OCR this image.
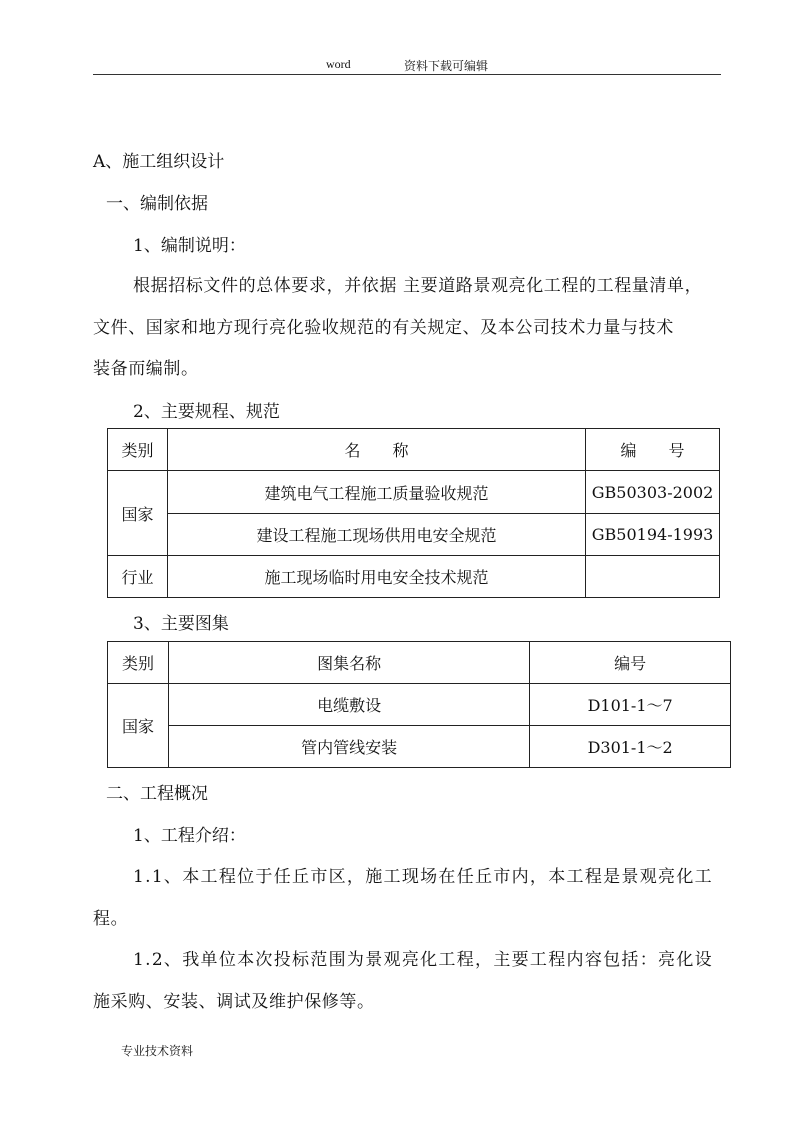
word	资料下载可编辑
A、施工组织设计
一、编制依据
1、编制说明：
根据招标文件的总体要求，并依据 主要道路景观亮化工程的工程量清单，
文件、国家和地方现行亮化验收规范的有关规定、及本公司技术力量与技术
装备而编制。
2、主要规程、规范
类别	名　　称	编　　号
国家	建筑电气工程施工质量验收规范	GB50303-2002
	建设工程施工现场供用电安全规范	GB50194-1993
行业	施工现场临时用电安全技术规范	
3、主要图集
类别	图集名称	编号
国家	电缆敷设	D101-1～7
	管内管线安装	D301-1～2
二、工程概况
1、工程介绍：
1.1、本工程位于任丘市区，施工现场在任丘市内，本工程是景观亮化工
程。
1.2、我单位本次投标范围为景观亮化工程，主要工程内容包括：亮化设
施采购、安装、调试及维护保修等。
专业技术资料
